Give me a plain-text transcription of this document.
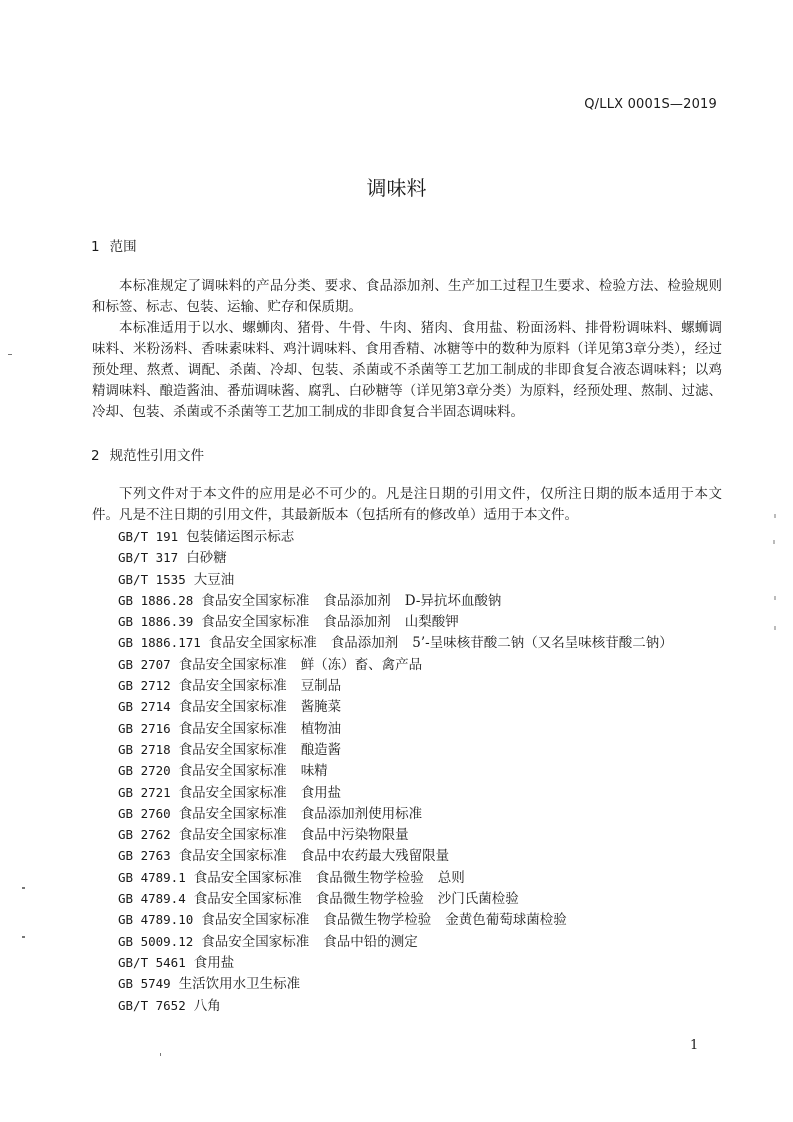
Q/LLX 0001S—2019
调味料
1 范围

本标准规定了调味料的产品分类、要求、食品添加剂、生产加工过程卫生要求、检验方法、检验规则和标签、标志、包装、运输、贮存和保质期。

本标准适用于以水、螺蛳肉、猪骨、牛骨、牛肉、猪肉、食用盐、粉面汤料、排骨粉调味料、螺蛳调味料、米粉汤料、香味素味料、鸡汁调味料、食用香精、冰糖等中的数种为原料（详见第3章分类），经过预处理、熬煮、调配、杀菌、冷却、包装、杀菌或不杀菌等工艺加工制成的非即食复合液态调味料；以鸡精调味料、酿造酱油、番茄调味酱、腐乳、白砂糖等（详见第3章分类）为原料，经预处理、熬制、过滤、冷却、包装、杀菌或不杀菌等工艺加工制成的非即食复合半固态调味料。

2 规范性引用文件

下列文件对于本文件的应用是必不可少的。凡是注日期的引用文件，仅所注日期的版本适用于本文件。凡是不注日期的引用文件，其最新版本（包括所有的修改单）适用于本文件。

GB/T 191 包装储运图示标志
GB/T 317 白砂糖
GB/T 1535 大豆油
GB 1886.28 食品安全国家标准 食品添加剂 D-异抗坏血酸钠
GB 1886.39 食品安全国家标准 食品添加剂 山梨酸钾
GB 1886.171 食品安全国家标准 食品添加剂 5’-呈味核苷酸二钠（又名呈味核苷酸二钠）
GB 2707 食品安全国家标准 鲜（冻）畜、禽产品
GB 2712 食品安全国家标准 豆制品
GB 2714 食品安全国家标准 酱腌菜
GB 2716 食品安全国家标准 植物油
GB 2718 食品安全国家标准 酿造酱
GB 2720 食品安全国家标准 味精
GB 2721 食品安全国家标准 食用盐
GB 2760 食品安全国家标准 食品添加剂使用标准
GB 2762 食品安全国家标准 食品中污染物限量
GB 2763 食品安全国家标准 食品中农药最大残留限量
GB 4789.1 食品安全国家标准 食品微生物学检验 总则
GB 4789.4 食品安全国家标准 食品微生物学检验 沙门氏菌检验
GB 4789.10 食品安全国家标准 食品微生物学检验 金黄色葡萄球菌检验
GB 5009.12 食品安全国家标准 食品中铅的测定
GB/T 5461 食用盐
GB 5749 生活饮用水卫生标准
GB/T 7652 八角
1
